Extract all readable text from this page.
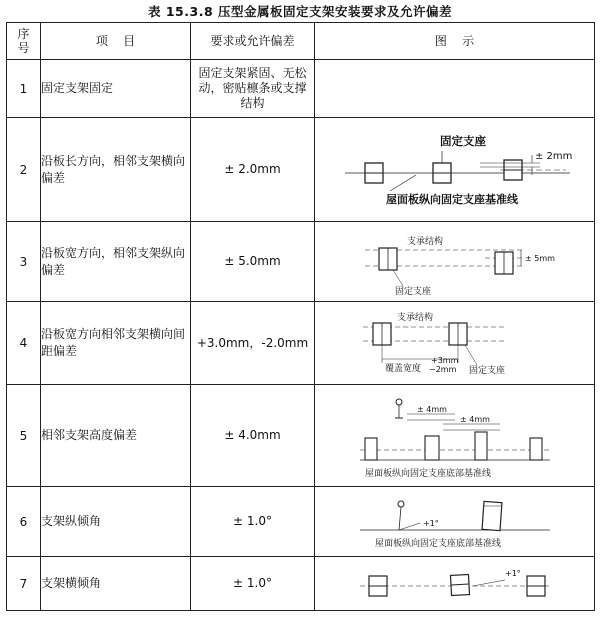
表 15.3.8 压型金属板固定支架安装要求及允许偏差
序号	项    目	要求或允许偏差	图    示
1	固定支架固定	固定支架紧固、无松动，密贴檩条或支撑结构	

2	沿板长方向，相邻支架横向偏差	± 2.0mm	固定支座
± 2mm
屋面板纵向固定支座基准线

3	沿板宽方向，相邻支架纵向偏差	± 5.0mm	支承结构
± 5mm
固定支座

4	沿板宽方向相邻支架横向间距偏差	+3.0mm，-2.0mm	支承结构
覆盖宽度
+3mm
−2mm 固定支座

5	相邻支架高度偏差	± 4.0mm	± 4mm
± 4mm
屋面板纵向固定支座底部基准线

6	支架纵倾角	± 1.0°	+1°
屋面板纵向固定支座底部基准线

7	支架横倾角	± 1.0°	+1°
